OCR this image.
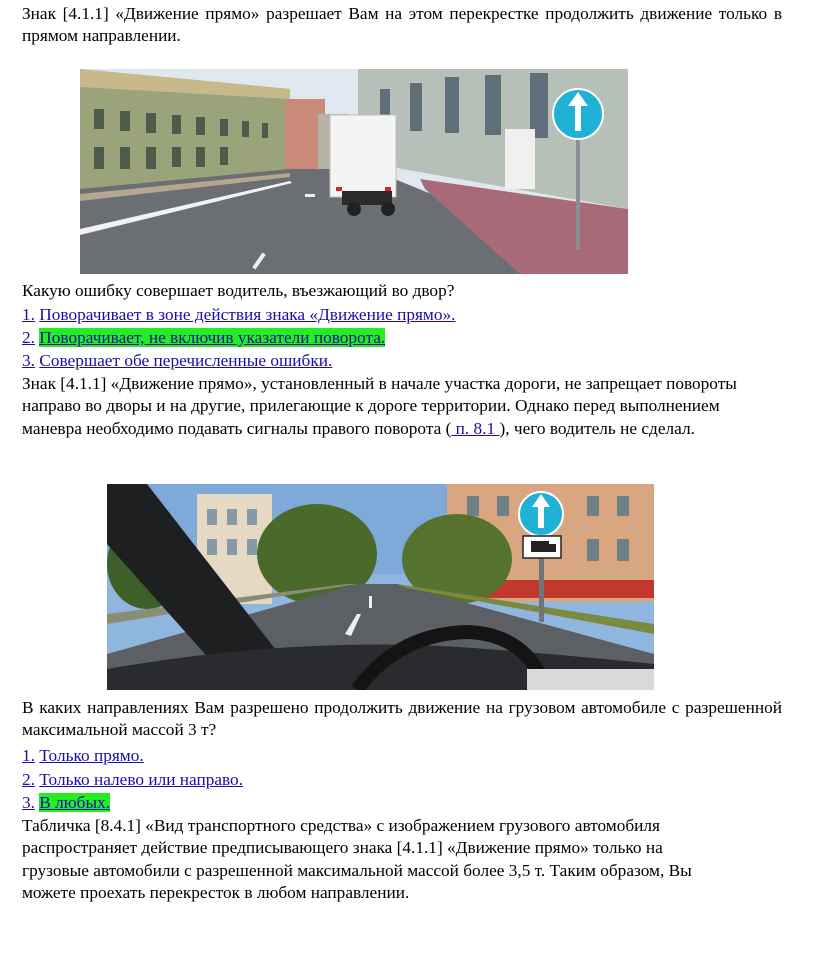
Знак [4.1.1] «Движение прямо» разрешает Вам на этом перекрестке продолжить движение только в прямом направлении.

Какую ошибку совершает водитель, въезжающий во двор?

1. Поворачивает в зоне действия знака «Движение прямо».
2. Поворачивает, не включив указатели поворота.
3. Совершает обе перечисленные ошибки.

Знак [4.1.1] «Движение прямо», установленный в начале участка дороги, не запрещает повороты направо во дворы и на другие, прилегающие к дороге территории. Однако перед выполнением маневра необходимо подавать сигналы правого поворота ( п. 8.1 ), чего водитель не сделал.

В каких направлениях Вам разрешено продолжить движение на грузовом автомобиле с разрешенной максимальной массой 3 т?

1. Только прямо.
2. Только налево или направо.
3. В любых.

Табличка [8.4.1] «Вид транспортного средства» с изображением грузового автомобиля распространяет действие предписывающего знака [4.1.1] «Движение прямо» только на грузовые автомобили с разрешенной максимальной массой более 3,5 т. Таким образом, Вы можете проехать перекресток в любом направлении.
